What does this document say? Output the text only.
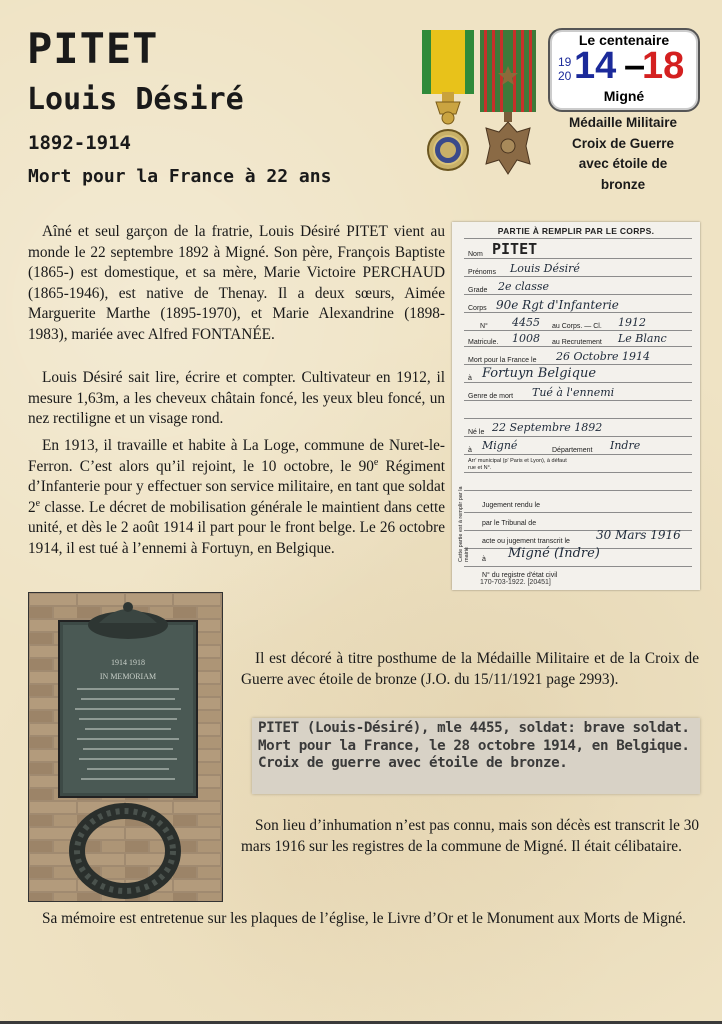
PITET
Louis Désiré
1892-1914
Mort pour la France à 22 ans
Le centenaire
19
20 14 –
18
Migné
Médaille Militaire
Croix de Guerre
avec étoile de
bronze

Aîné et seul garçon de la fratrie, Louis Désiré PITET vient au monde le 22 septembre 1892 à Migné. Son père, François Baptiste (1865-) est domestique, et sa mère, Marie Victoire PERCHAUD (1865-1946), est native de Thenay. Il a deux sœurs, Aimée Marguerite Marthe (1895-1970), et Marie Alexandrine (1898-1983), mariée avec Alfred FONTANÉE.

Louis Désiré sait lire, écrire et compter. Cultivateur en 1912, il mesure 1,63m, a les cheveux châtain foncé, les yeux bleu foncé, un nez rectiligne et un visage rond.

En 1913, il travaille et habite à La Loge, commune de Nuret-le-Ferron. C’est alors qu’il rejoint, le 10 octobre, le 90e Régiment d’Infanterie pour y effectuer son service militaire, en tant que soldat 2e classe. Le décret de mobilisation générale le maintient dans cette unité, et dès le 2 août 1914 il part pour le front belge. Le 26 octobre 1914, il est tué à l’ennemi à Fortuyn, en Belgique.

PARTIE À REMPLIR PAR LE CORPS.
Nom PITET
Prénoms Louis Désiré
Grade 2e classe
Corps 90e Rgt d'Infanterie
N° 4455 au Corps. — Cl. 1912
Matricule. 1008 au Recrutement Le Blanc
Mort pour la France le 26 Octobre 1914
à Fortuyn Belgique
Genre de mort Tué à l'ennemi
Né le 22 Septembre 1892
à Migné	Département Indre
Arr' municipal (p' Paris et Lyon), à défaut rue et N°.
Jugement rendu le
par le Tribunal de
acte ou jugement transcrit le 30 Mars 1916
à Migné (Indre)
N° du registre d'état civil
Cette partie est à remplir par la mairie
170-703-1922. [20451]
1914 1918
IN MEMORIAM

Il est décoré à titre posthume de la Médaille Militaire et de la Croix de Guerre avec étoile de bronze (J.O. du 15/11/1921 page 2993).

PITET (Louis-Désiré), mle 4455, soldat: brave soldat. Mort pour la France, le 28 octobre 1914, en Belgique. Croix de guerre avec étoile de bronze.

Son lieu d’inhumation n’est pas connu, mais son décès est transcrit le 30 mars 1916 sur les registres de la commune de Migné. Il était célibataire.

Sa mémoire est entretenue sur les plaques de l’église, le Livre d’Or et le Monument aux Morts de Migné.
